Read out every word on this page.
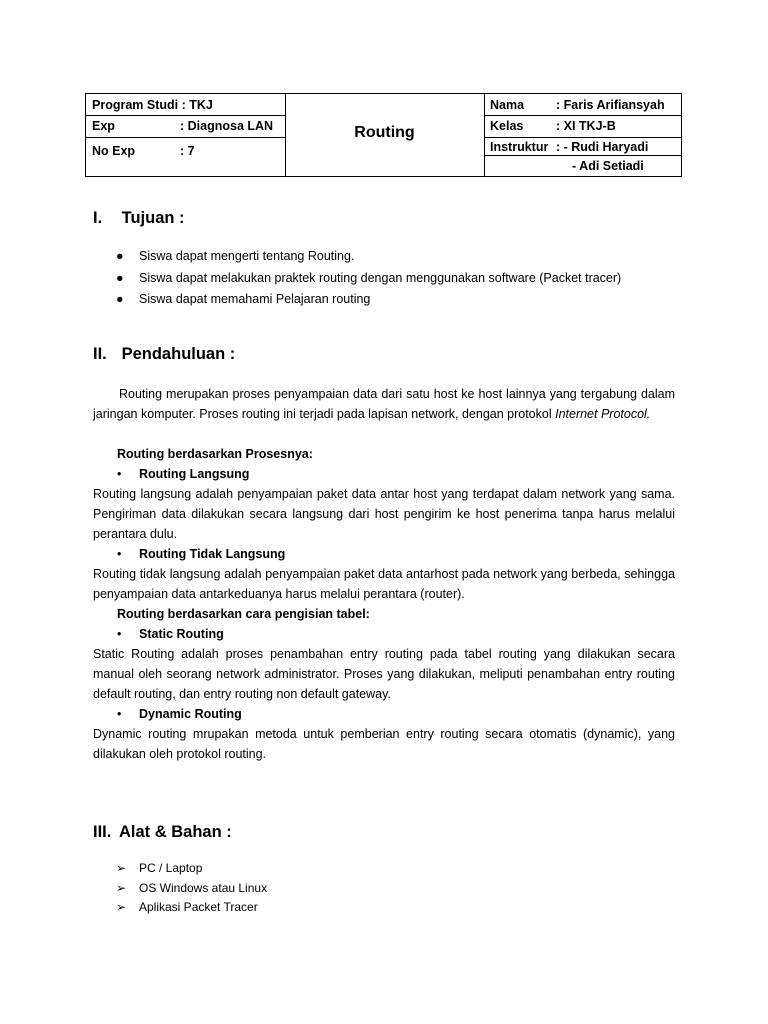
Program Studi : TKJ
Exp	: Diagnosa LAN
No Exp	: 7
Routing
Nama	: Faris Arifiansyah
Kelas	: XI TKJ-B
Instruktur : - Rudi Haryadi
- Adi Setiadi
I. Tujuan :
● Siswa dapat mengerti tentang Routing.
● Siswa dapat melakukan praktek routing dengan menggunakan software (Packet tracer)
● Siswa dapat memahami Pelajaran routing
II. Pendahuluan :
Routing merupakan proses penyampaian data dari satu host ke host lainnya yang tergabung dalam jaringan komputer. Proses routing ini terjadi pada lapisan network, dengan protokol Internet Protocol.
Routing berdasarkan Prosesnya:
• Routing Langsung
Routing langsung adalah penyampaian paket data antar host yang terdapat dalam network yang sama. Pengiriman data dilakukan secara langsung dari host pengirim ke host penerima tanpa harus melalui perantara dulu.
• Routing Tidak Langsung
Routing tidak langsung adalah penyampaian paket data antarhost pada network yang berbeda, sehingga penyampaian data antarkeduanya harus melalui perantara (router).
Routing berdasarkan cara pengisian tabel:
• Static Routing
Static Routing adalah proses penambahan entry routing pada tabel routing yang dilakukan secara manual oleh seorang network administrator. Proses yang dilakukan, meliputi penambahan entry routing default routing, dan entry routing non default gateway.
• Dynamic Routing
Dynamic routing mrupakan metoda untuk pemberian entry routing secara otomatis (dynamic), yang dilakukan oleh protokol routing.
III. Alat & Bahan :
➢ PC / Laptop
➢ OS Windows atau Linux
➢ Aplikasi Packet Tracer
